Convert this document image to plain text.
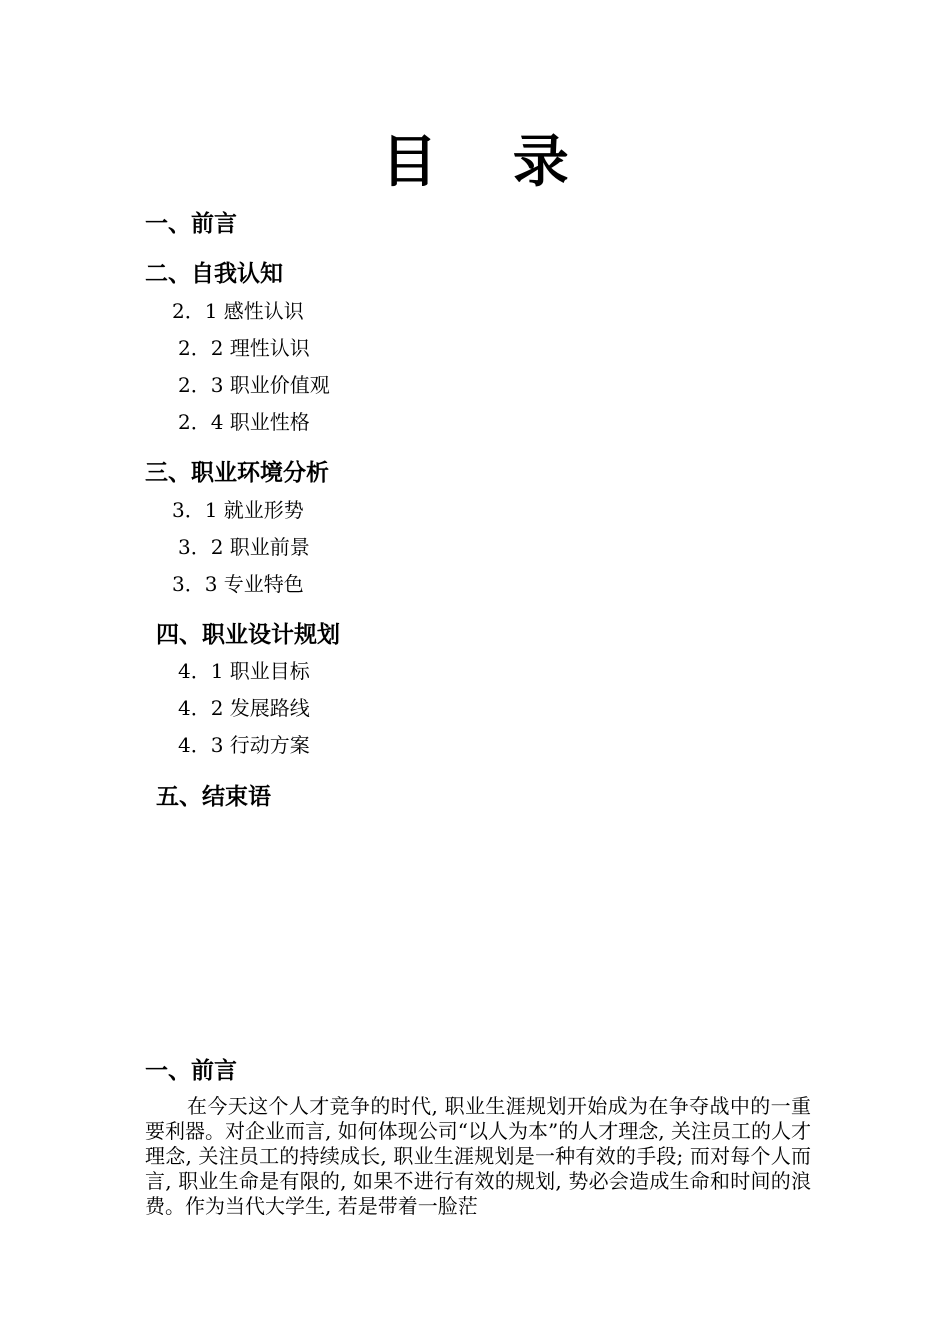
目 录
一、前言
二、自我认知
2．1 感性认识
2．2 理性认识
2．3 职业价值观
2．4 职业性格
三、职业环境分析
3．1 就业形势
3．2 职业前景
3．3 专业特色
四、职业设计规划
4．1 职业目标
4．2 发展路线
4．3 行动方案
五、结束语
一、前言

在今天这个人才竞争的时代, 职业生涯规划开始成为在争夺战中的一重要利器。对企业而言, 如何体现公司“以人为本”的人才理念, 关注员工的人才理念, 关注员工的持续成长, 职业生涯规划是一种有效的手段; 而对每个人而言, 职业生命是有限的, 如果不进行有效的规划, 势必会造成生命和时间的浪费。作为当代大学生, 若是带着一脸茫
